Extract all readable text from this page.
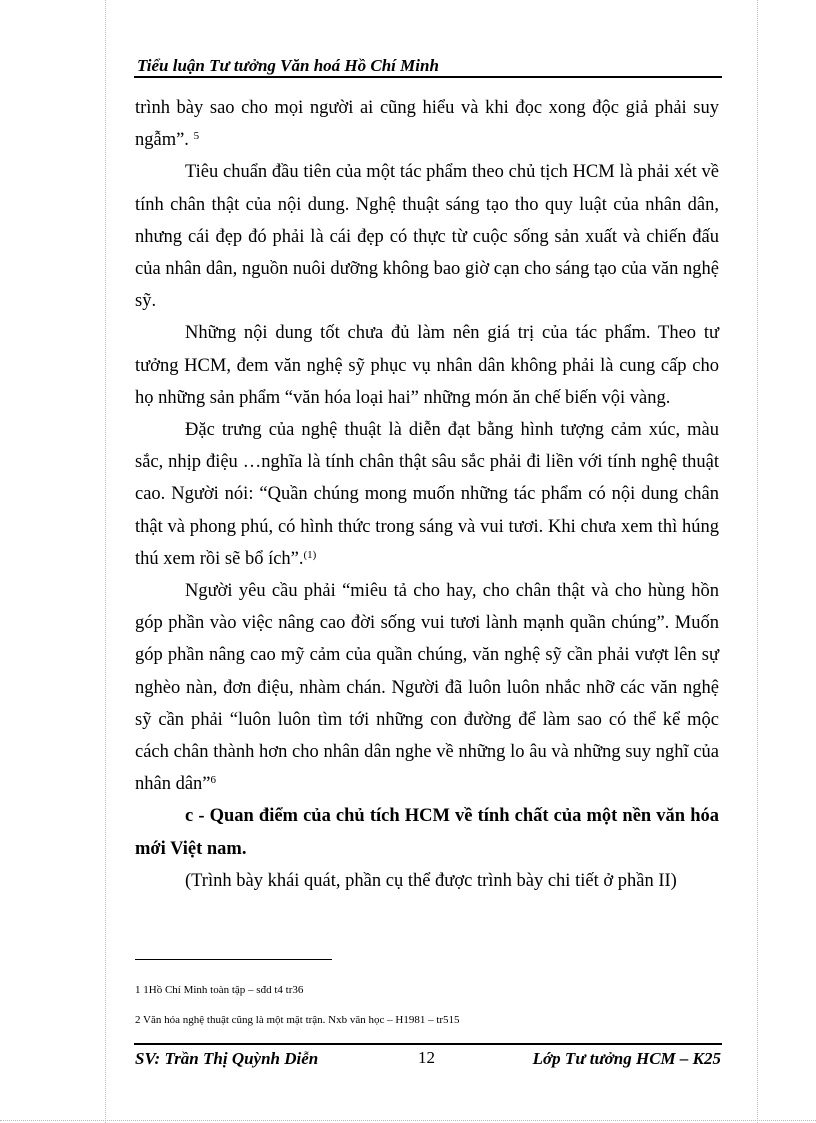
Tiểu luận Tư tưởng Văn hoá Hồ Chí Minh

trình bày sao cho mọi người ai cũng hiểu và khi đọc xong độc giả phải suy ngẫm”. $^5$

Tiêu chuẩn đầu tiên của một tác phẩm theo chủ tịch HCM là phải xét về tính chân thật của nội dung. Nghệ thuật sáng tạo tho quy luật của nhân dân, nhưng cái đẹp đó phải là cái đẹp có thực từ cuộc sống sản xuất và chiến đấu của nhân dân, nguồn nuôi dưỡng không bao giờ cạn cho sáng tạo của văn nghệ sỹ.

Những nội dung tốt chưa đủ làm nên giá trị của tác phẩm. Theo tư tưởng HCM, đem văn nghệ sỹ phục vụ nhân dân không phải là cung cấp cho họ những sản phẩm “văn hóa loại hai” những món ăn chế biến vội vàng.

Đặc trưng của nghệ thuật là diễn đạt bằng hình tượng cảm xúc, màu sắc, nhịp điệu …nghĩa là tính chân thật sâu sắc phải đi liền với tính nghệ thuật cao. Người nói: “Quần chúng mong muốn những tác phẩm có nội dung chân thật và phong phú, có hình thức trong sáng và vui tươi. Khi chưa xem thì húng thú xem rồi sẽ bổ ích”.$^{(1)}$

Người yêu cầu phải “miêu tả cho hay, cho chân thật và cho hùng hồn góp phần vào việc nâng cao đời sống vui tươi lành mạnh quần chúng”. Muốn góp phần nâng cao mỹ cảm của quần chúng, văn nghệ sỹ cần phải vượt lên sự nghèo nàn, đơn điệu, nhàm chán. Người đã luôn luôn nhắc nhỡ các văn nghệ sỹ cần phải “luôn luôn tìm tới những con đường để làm sao có thể kể mộc cách chân thành hơn cho nhân dân nghe về những lo âu và những suy nghĩ của nhân dân”$^6$

c - Quan điểm của chủ tích HCM về tính chất của một nền văn hóa mới Việt nam.

(Trình bày khái quát, phần cụ thể được trình bày chi tiết ở phần II)

1 1Hồ Chí Minh toàn tập – sđd t4 tr36

2 Văn hóa nghệ thuật cũng là một mặt trận. Nxb văn học – H1981 – tr515

SV: Trần Thị Quỳnh Diễn	12	Lớp Tư tưởng HCM – K25
